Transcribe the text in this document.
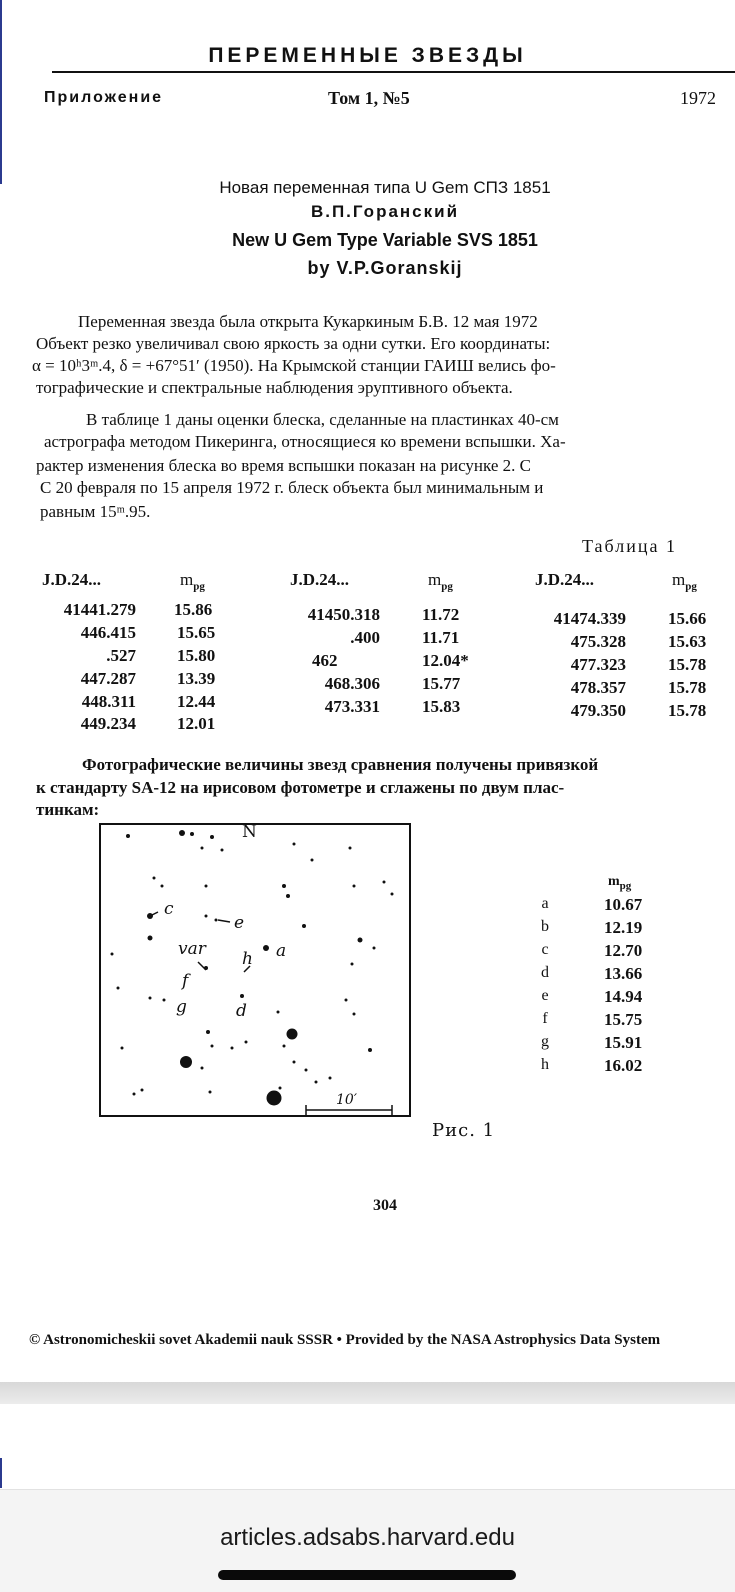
ПЕРЕМЕННЫЕ ЗВЕЗДЫ
Приложение	Том 1, №5	1972
Новая переменная типа U Gem СПЗ 1851
В.П.Горанский
New U Gem Type Variable SVS 1851
by V.P.Goranskij
Переменная звезда была открыта Кукаркиным Б.В. 12 мая 1972
Объект резко увеличивал свою яркость за одни сутки. Его координаты:
α = 10ʰ3ᵐ.4, δ = +67°51′ (1950). На Крымской станции ГАИШ велись фо-
тографические и спектральные наблюдения эруптивного объекта.
В таблице 1 даны оценки блеска, сделанные на пластинках 40-см
астрографа методом Пикеринга, относящиеся ко времени вспышки. Ха-
рактер изменения блеска во время вспышки показан на рисунке 2. С
С 20 февраля по 15 апреля 1972 г. блеск объекта был минимальным и
равным 15ᵐ.95.
Таблица 1
J.D.24...	$m_{pg}$	J.D.24...	$m_{pg}$	J.D.24...	$m_{pg}$
41441.279 15.86
446.415 15.65
.527 15.80
447.287 13.39
448.311 12.44
449.234 12.01
41450.318 11.72
.400 11.71
462	12.04*
468.306 15.77
473.331 15.83
41474.339 15.66
475.328 15.63
477.323 15.78
478.357 15.78
479.350 15.78
Фотографические величины звезд сравнения получены привязкой
к стандарту SA-12 на ирисовом фотометре и сглажены по двум плас-
тинкам:
N
c
e
var	a
h
f
g	d
10′
Рис. 1
$m_{pg}$
a	10.67
b	12.19
c	12.70
d	13.66
e	14.94
f	15.75
g	15.91
h	16.02
304
© Astronomicheskii sovet Akademii nauk SSSR • Provided by the NASA Astrophysics Data System
articles.adsabs.harvard.edu
